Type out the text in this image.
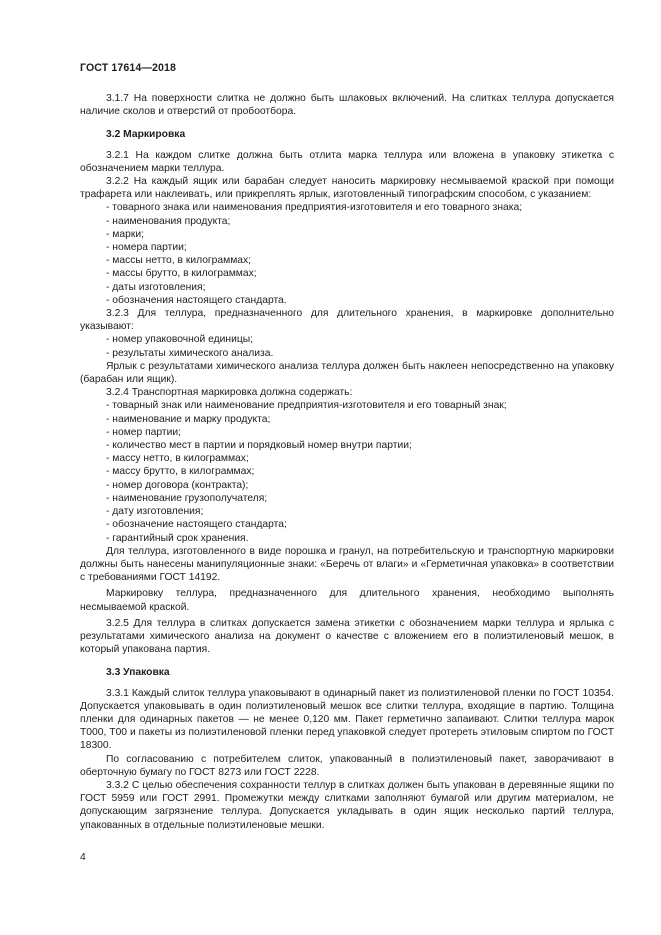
ГОСТ 17614—2018
3.1.7 На поверхности слитка не должно быть шлаковых включений. На слитках теллура допускается наличие сколов и отверстий от пробоотбора.
3.2 Маркировка
3.2.1 На каждом слитке должна быть отлита марка теллура или вложена в упаковку этикетка с обозначением марки теллура.
3.2.2 На каждый ящик или барабан следует наносить маркировку несмываемой краской при помощи трафарета или наклеивать, или прикреплять ярлык, изготовленный типографским способом, с указанием:
- товарного знака или наименования предприятия-изготовителя и его товарного знака;
- наименования продукта;
- марки;
- номера партии;
- массы нетто, в килограммах;
- массы брутто, в килограммах;
- даты изготовления;
- обозначения настоящего стандарта.
3.2.3 Для теллура, предназначенного для длительного хранения, в маркировке дополнительно указывают:
- номер упаковочной единицы;
- результаты химического анализа.
Ярлык с результатами химического анализа теллура должен быть наклеен непосредственно на упаковку (барабан или ящик).
3.2.4 Транспортная маркировка должна содержать:
- товарный знак или наименование предприятия-изготовителя и его товарный знак;
- наименование и марку продукта;
- номер партии;
- количество мест в партии и порядковый номер внутри партии;
- массу нетто, в килограммах;
- массу брутто, в килограммах;
- номер договора (контракта);
- наименование грузополучателя;
- дату изготовления;
- обозначение настоящего стандарта;
- гарантийный срок хранения.
Для теллура, изготовленного в виде порошка и гранул, на потребительскую и транспортную маркировки должны быть нанесены манипуляционные знаки: «Беречь от влаги» и «Герметичная упаковка» в соответствии с требованиями ГОСТ 14192.
Маркировку теллура, предназначенного для длительного хранения, необходимо выполнять несмываемой краской.
3.2.5 Для теллура в слитках допускается замена этикетки с обозначением марки теллура и ярлыка с результатами химического анализа на документ о качестве с вложением его в полиэтиленовый мешок, в который упакована партия.
3.3 Упаковка
3.3.1 Каждый слиток теллура упаковывают в одинарный пакет из полиэтиленовой пленки по ГОСТ 10354. Допускается упаковывать в один полиэтиленовый мешок все слитки теллура, входящие в партию. Толщина пленки для одинарных пакетов — не менее 0,120 мм. Пакет герметично запаивают. Слитки теллура марок Т000, Т00 и пакеты из полиэтиленовой пленки перед упаковкой следует протереть этиловым спиртом по ГОСТ 18300.
По согласованию с потребителем слиток, упакованный в полиэтиленовый пакет, заворачивают в оберточную бумагу по ГОСТ 8273 или ГОСТ 2228.
3.3.2 С целью обеспечения сохранности теллур в слитках должен быть упакован в деревянные ящики по ГОСТ 5959 или ГОСТ 2991. Промежутки между слитками заполняют бумагой или другим материалом, не допускающим загрязнение теллура. Допускается укладывать в один ящик несколько партий теллура, упакованных в отдельные полиэтиленовые мешки.
4
